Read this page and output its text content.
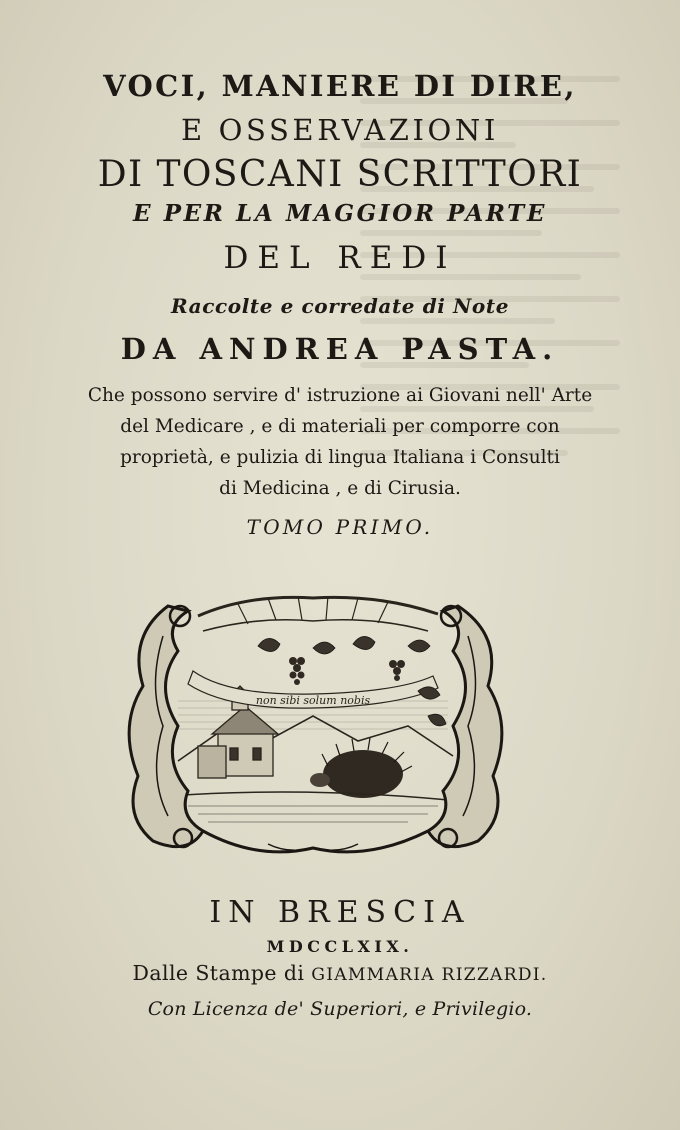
VOCI, MANIERE DI DIRE,
E OSSERVAZIONI
DI TOSCANI SCRITTORI
E PER LA MAGGIOR PARTE
DEL REDI
Raccolte e corredate di Note
DA ANDREA PASTA.
Che possono servire d' istruzione ai Giovani nell' Arte
del Medicare , e di materiali per comporre con
proprietà, e pulizia di lingua Italiana i Consulti
di Medicina , e di Cirusia.
TOMO PRIMO.
non sibi solum nobis
IN BRESCIA
MDCCLXIX.
Dalle Stampe di GIAMMARIA RIZZARDI.
Con Licenza de' Superiori, e Privilegio.
